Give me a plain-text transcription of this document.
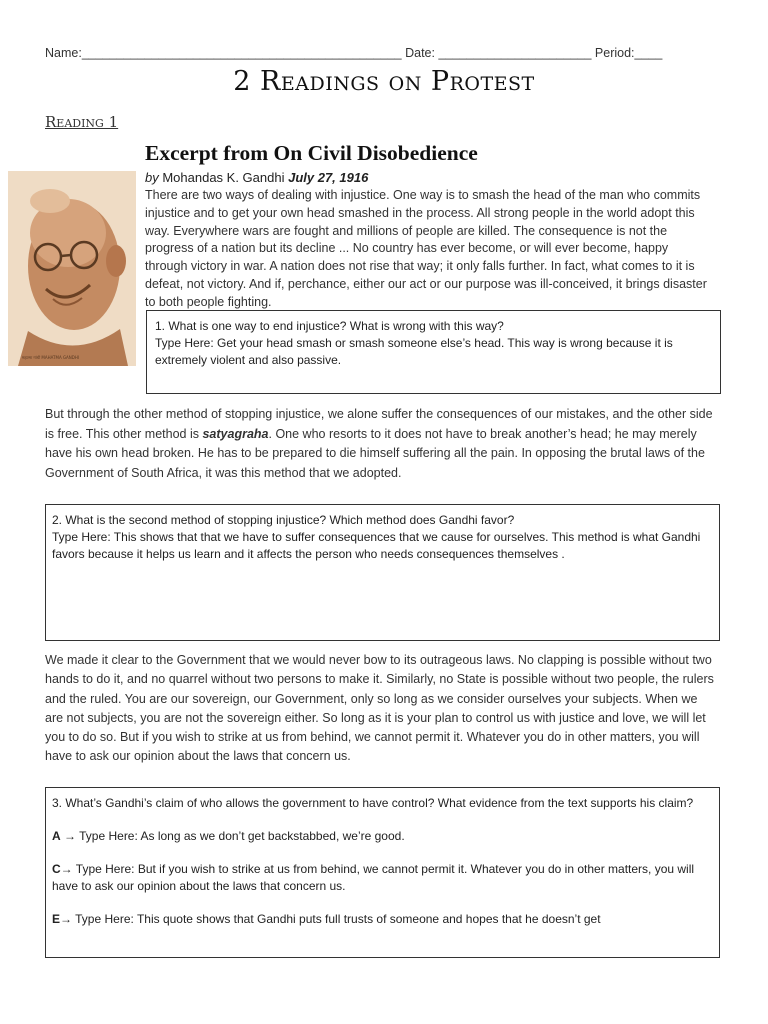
Name:______________________________________________ Date: ______________________ Period:____
2 Readings on Protest
Reading 1
महात्मा गांधी MAHATMA GANDHI
Excerpt from On Civil Disobedience
by Mohandas K. Gandhi July 27, 1916
There are two ways of dealing with injustice. One way is to smash the head of the man who commits injustice and to get your own head smashed in the process. All strong people in the world adopt this way. Everywhere wars are fought and millions of people are killed. The consequence is not the progress of a nation but its decline ... No country has ever become, or will ever become, happy through victory in war. A nation does not rise that way; it only falls further. In fact, what comes to it is defeat, not victory. And if, perchance, either our act or our purpose was ill-conceived, it brings disaster to both people fighting.
1. What is one way to end injustice? What is wrong with this way?
Type Here: Get your head smash or smash someone else’s head. This way is wrong because it is extremely violent and also passive.
But through the other method of stopping injustice, we alone suffer the consequences of our mistakes, and the other side is free. This other method is satyagraha. One who resorts to it does not have to break another’s head; he may merely have his own head broken. He has to be prepared to die himself suffering all the pain. In opposing the brutal laws of the Government of South Africa, it was this method that we adopted.
2. What is the second method of stopping injustice? Which method does Gandhi favor?
Type Here: This shows that that we have to suffer consequences that we cause for ourselves. This method is what Gandhi favors because it helps us learn and it affects the person who needs consequences themselves .
We made it clear to the Government that we would never bow to its outrageous laws. No clapping is possible without two hands to do it, and no quarrel without two persons to make it. Similarly, no State is possible without two people, the rulers and the ruled. You are our sovereign, our Government, only so long as we consider ourselves your subjects. When we are not subjects, you are not the sovereign either. So long as it is your plan to control us with justice and love, we will let you to do so. But if you wish to strike at us from behind, we cannot permit it. Whatever you do in other matters, you will have to ask our opinion about the laws that concern us.

3. What’s Gandhi’s claim of who allows the government to have control? What evidence from the text supports his claim?

A → Type Here: As long as we don’t get backstabbed, we’re good.

C→ Type Here: But if you wish to strike at us from behind, we cannot permit it. Whatever you do in other matters, you will have to ask our opinion about the laws that concern us.

E→ Type Here: This quote shows that Gandhi puts full trusts of someone and hopes that he doesn’t get
